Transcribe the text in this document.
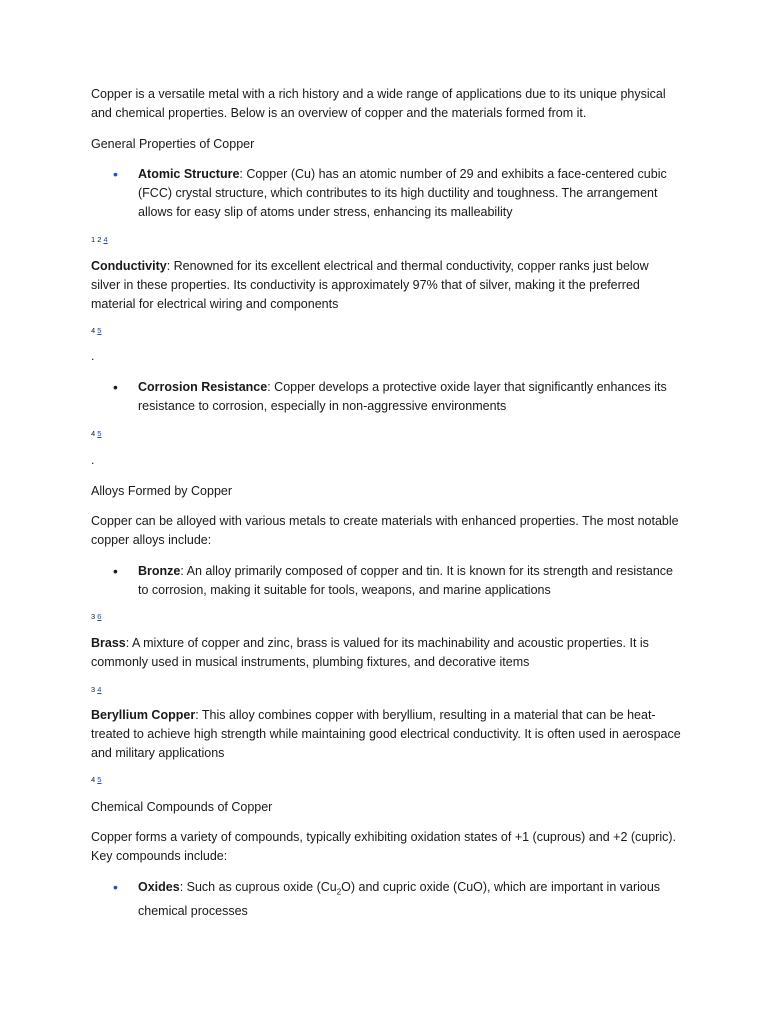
Copper is a versatile metal with a rich history and a wide range of applications due to its unique physical and chemical properties. Below is an overview of copper and the materials formed from it.

General Properties of Copper

• Atomic Structure: Copper (Cu) has an atomic number of 29 and exhibits a face-centered cubic (FCC) crystal structure, which contributes to its high ductility and toughness. The arrangement allows for easy slip of atoms under stress, enhancing its malleability

1 2 4

Conductivity: Renowned for its excellent electrical and thermal conductivity, copper ranks just below silver in these properties. Its conductivity is approximately 97% that of silver, making it the preferred material for electrical wiring and components

4 5
.
• Corrosion Resistance: Copper develops a protective oxide layer that significantly enhances its resistance to corrosion, especially in non-aggressive environments

4 5
.

Alloys Formed by Copper

Copper can be alloyed with various metals to create materials with enhanced properties. The most notable copper alloys include:

• Bronze: An alloy primarily composed of copper and tin. It is known for its strength and resistance to corrosion, making it suitable for tools, weapons, and marine applications

3 6

Brass: A mixture of copper and zinc, brass is valued for its machinability and acoustic properties. It is commonly used in musical instruments, plumbing fixtures, and decorative items

3 4

Beryllium Copper: This alloy combines copper with beryllium, resulting in a material that can be heat-treated to achieve high strength while maintaining good electrical conductivity. It is often used in aerospace and military applications

4 5

Chemical Compounds of Copper

Copper forms a variety of compounds, typically exhibiting oxidation states of +1 (cuprous) and +2 (cupric). Key compounds include:

• Oxides: Such as cuprous oxide $(Cu_2O)$ and cupric oxide (CuO), which are important in various chemical processes
